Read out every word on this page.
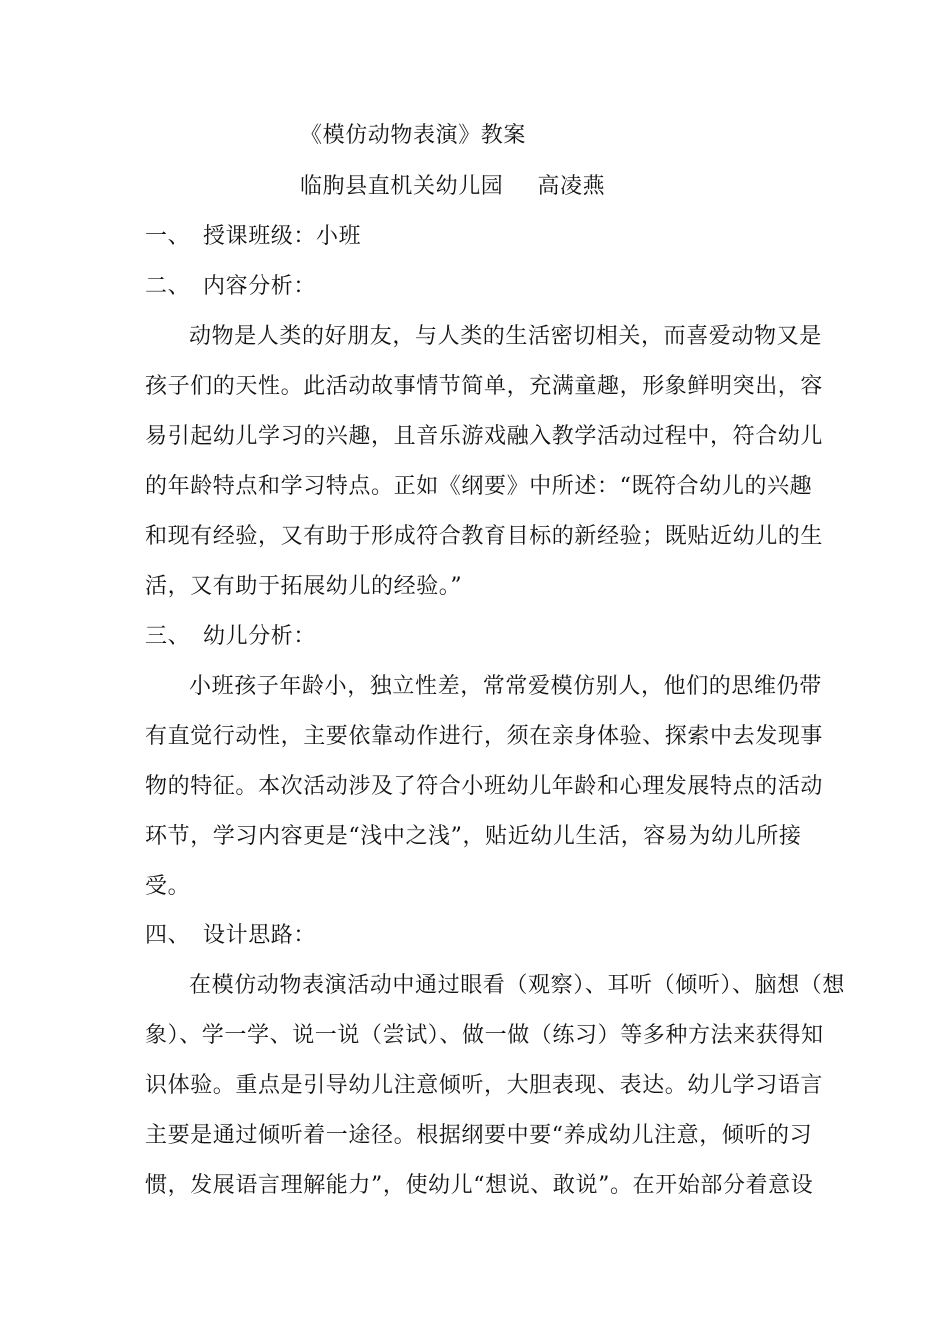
《模仿动物表演》教案
临朐县直机关幼儿园 高凌燕
一、 授课班级：小班
二、 内容分析：
动物是人类的好朋友，与人类的生活密切相关，而喜爱动物又是
孩子们的天性。此活动故事情节简单，充满童趣，形象鲜明突出，容
易引起幼儿学习的兴趣，且音乐游戏融入教学活动过程中，符合幼儿
的年龄特点和学习特点。正如《纲要》中所述：“既符合幼儿的兴趣
和现有经验，又有助于形成符合教育目标的新经验；既贴近幼儿的生
活，又有助于拓展幼儿的经验。”
三、 幼儿分析：
小班孩子年龄小，独立性差，常常爱模仿别人，他们的思维仍带
有直觉行动性，主要依靠动作进行，须在亲身体验、探索中去发现事
物的特征。本次活动涉及了符合小班幼儿年龄和心理发展特点的活动
环节，学习内容更是“浅中之浅”，贴近幼儿生活，容易为幼儿所接
受。
四、 设计思路：
在模仿动物表演活动中通过眼看（观察）、耳听（倾听）、脑想（想
象）、学一学、说一说（尝试）、做一做（练习）等多种方法来获得知
识体验。重点是引导幼儿注意倾听，大胆表现、表达。幼儿学习语言
主要是通过倾听着一途径。根据纲要中要“养成幼儿注意，倾听的习
惯，发展语言理解能力”，使幼儿“想说、敢说”。在开始部分着意设
